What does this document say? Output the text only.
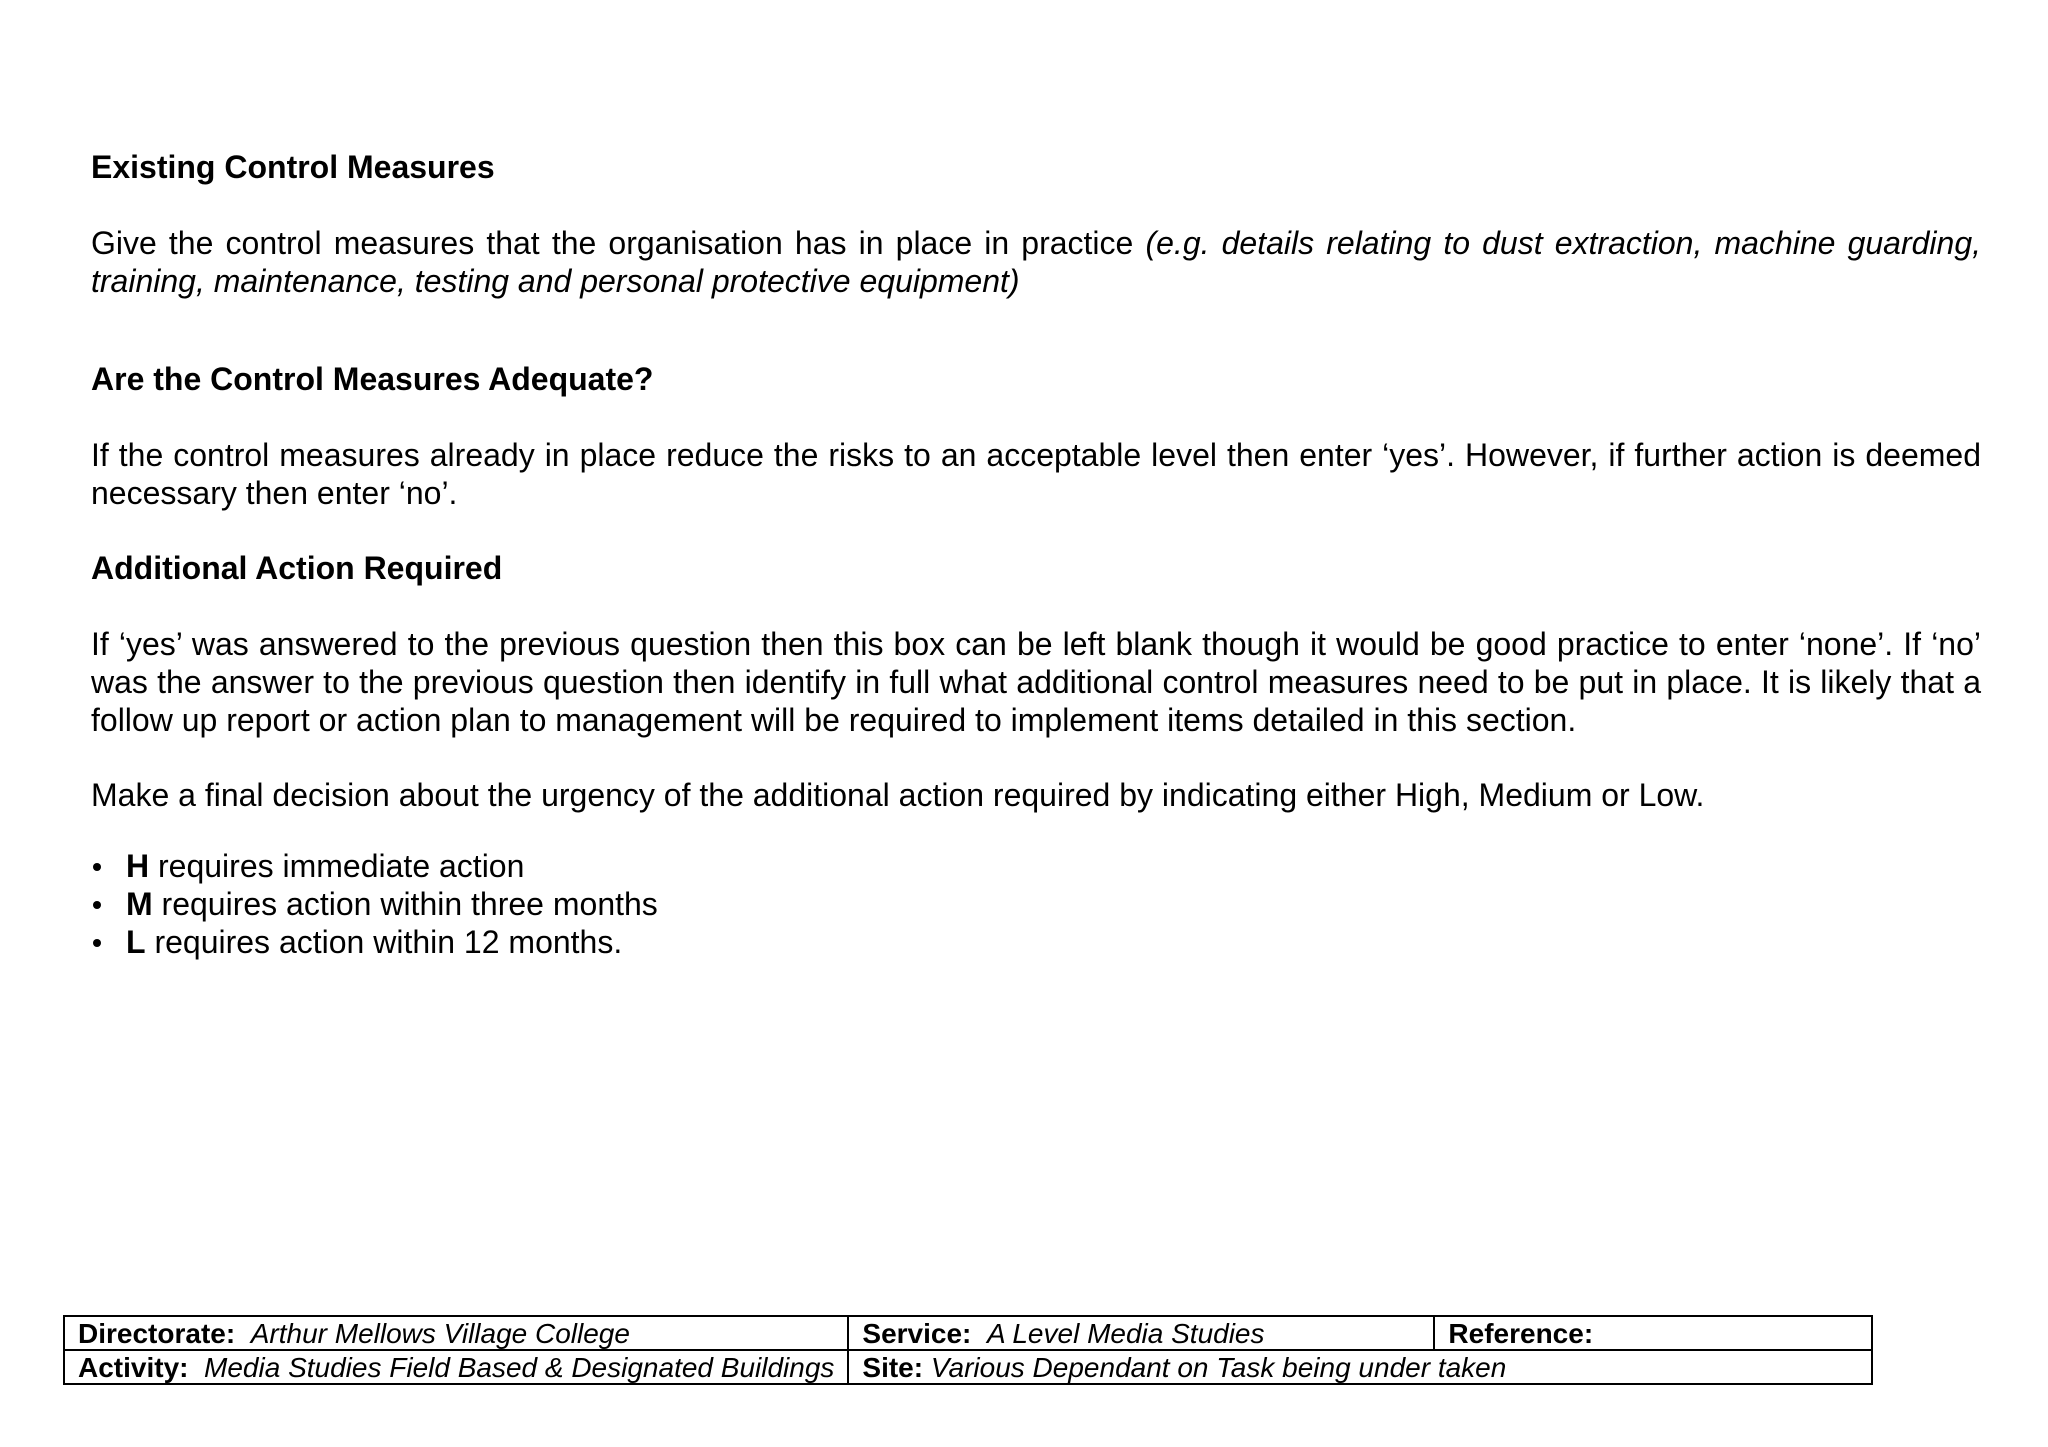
Existing Control Measures

Give the control measures that the organisation has in place in practice (e.g. details relating to dust extraction, machine guarding, training, maintenance, testing and personal protective equipment)

Are the Control Measures Adequate?

If the control measures already in place reduce the risks to an acceptable level then enter ‘yes’. However, if further action is deemed necessary then enter ‘no’.

Additional Action Required

If ‘yes’ was answered to the previous question then this box can be left blank though it would be good practice to enter ‘none’. If ‘no’ was the answer to the previous question then identify in full what additional control measures need to be put in place. It is likely that a follow up report or action plan to management will be required to implement items detailed in this section.

Make a final decision about the urgency of the additional action required by indicating either High, Medium or Low.

H requires immediate action
M requires action within three months
L requires action within 12 months.
Directorate: Arthur Mellows Village College	Service: A Level Media Studies	Reference:
Activity: Media Studies Field Based & Designated Buildings	Site: Various Dependant on Task being under taken	
